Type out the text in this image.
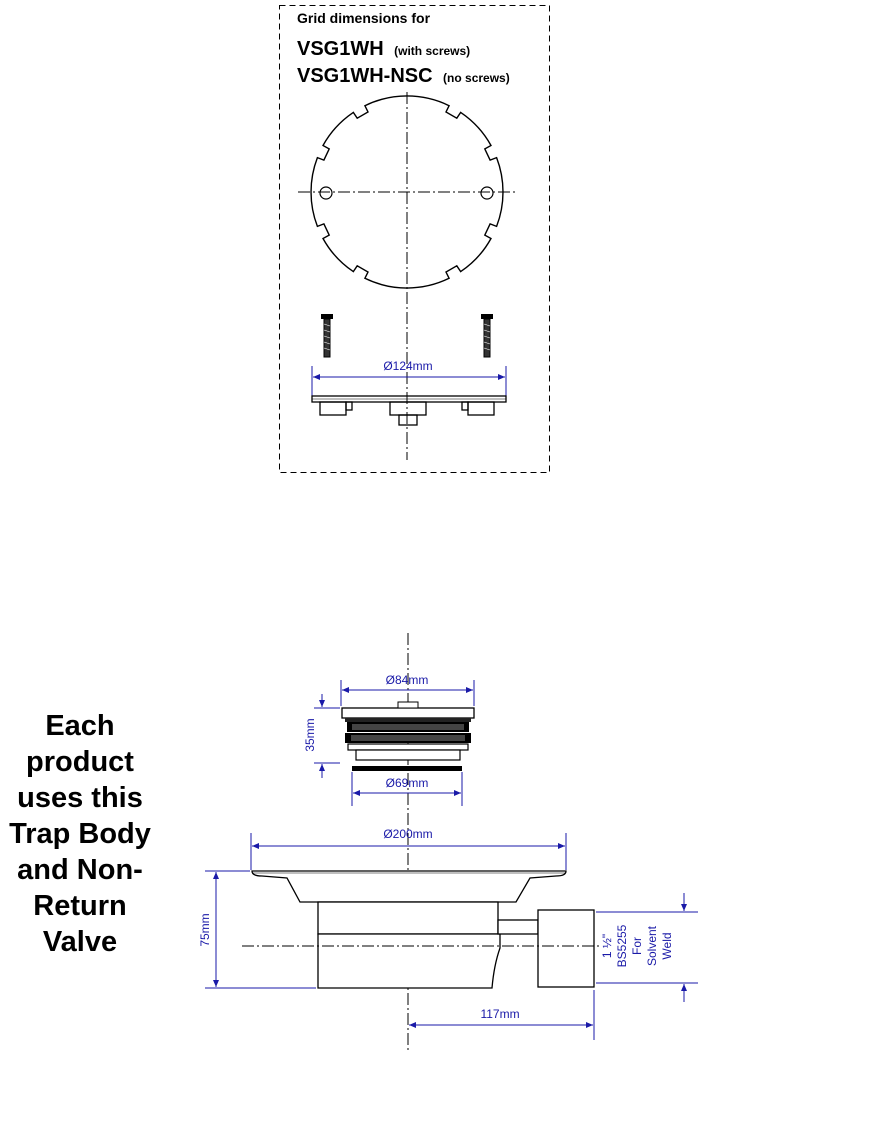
Grid dimensions for
VSG1WH (with screws)
VSG1WH-NSC (no screws)
Ø124mm
Ø84mm
35mm
Ø69mm
Ø200mm
75mm	1 ½" BS5255 For Solvent Weld
117mm
Each
product
uses this
Trap Body
and Non-
Return
Valve
